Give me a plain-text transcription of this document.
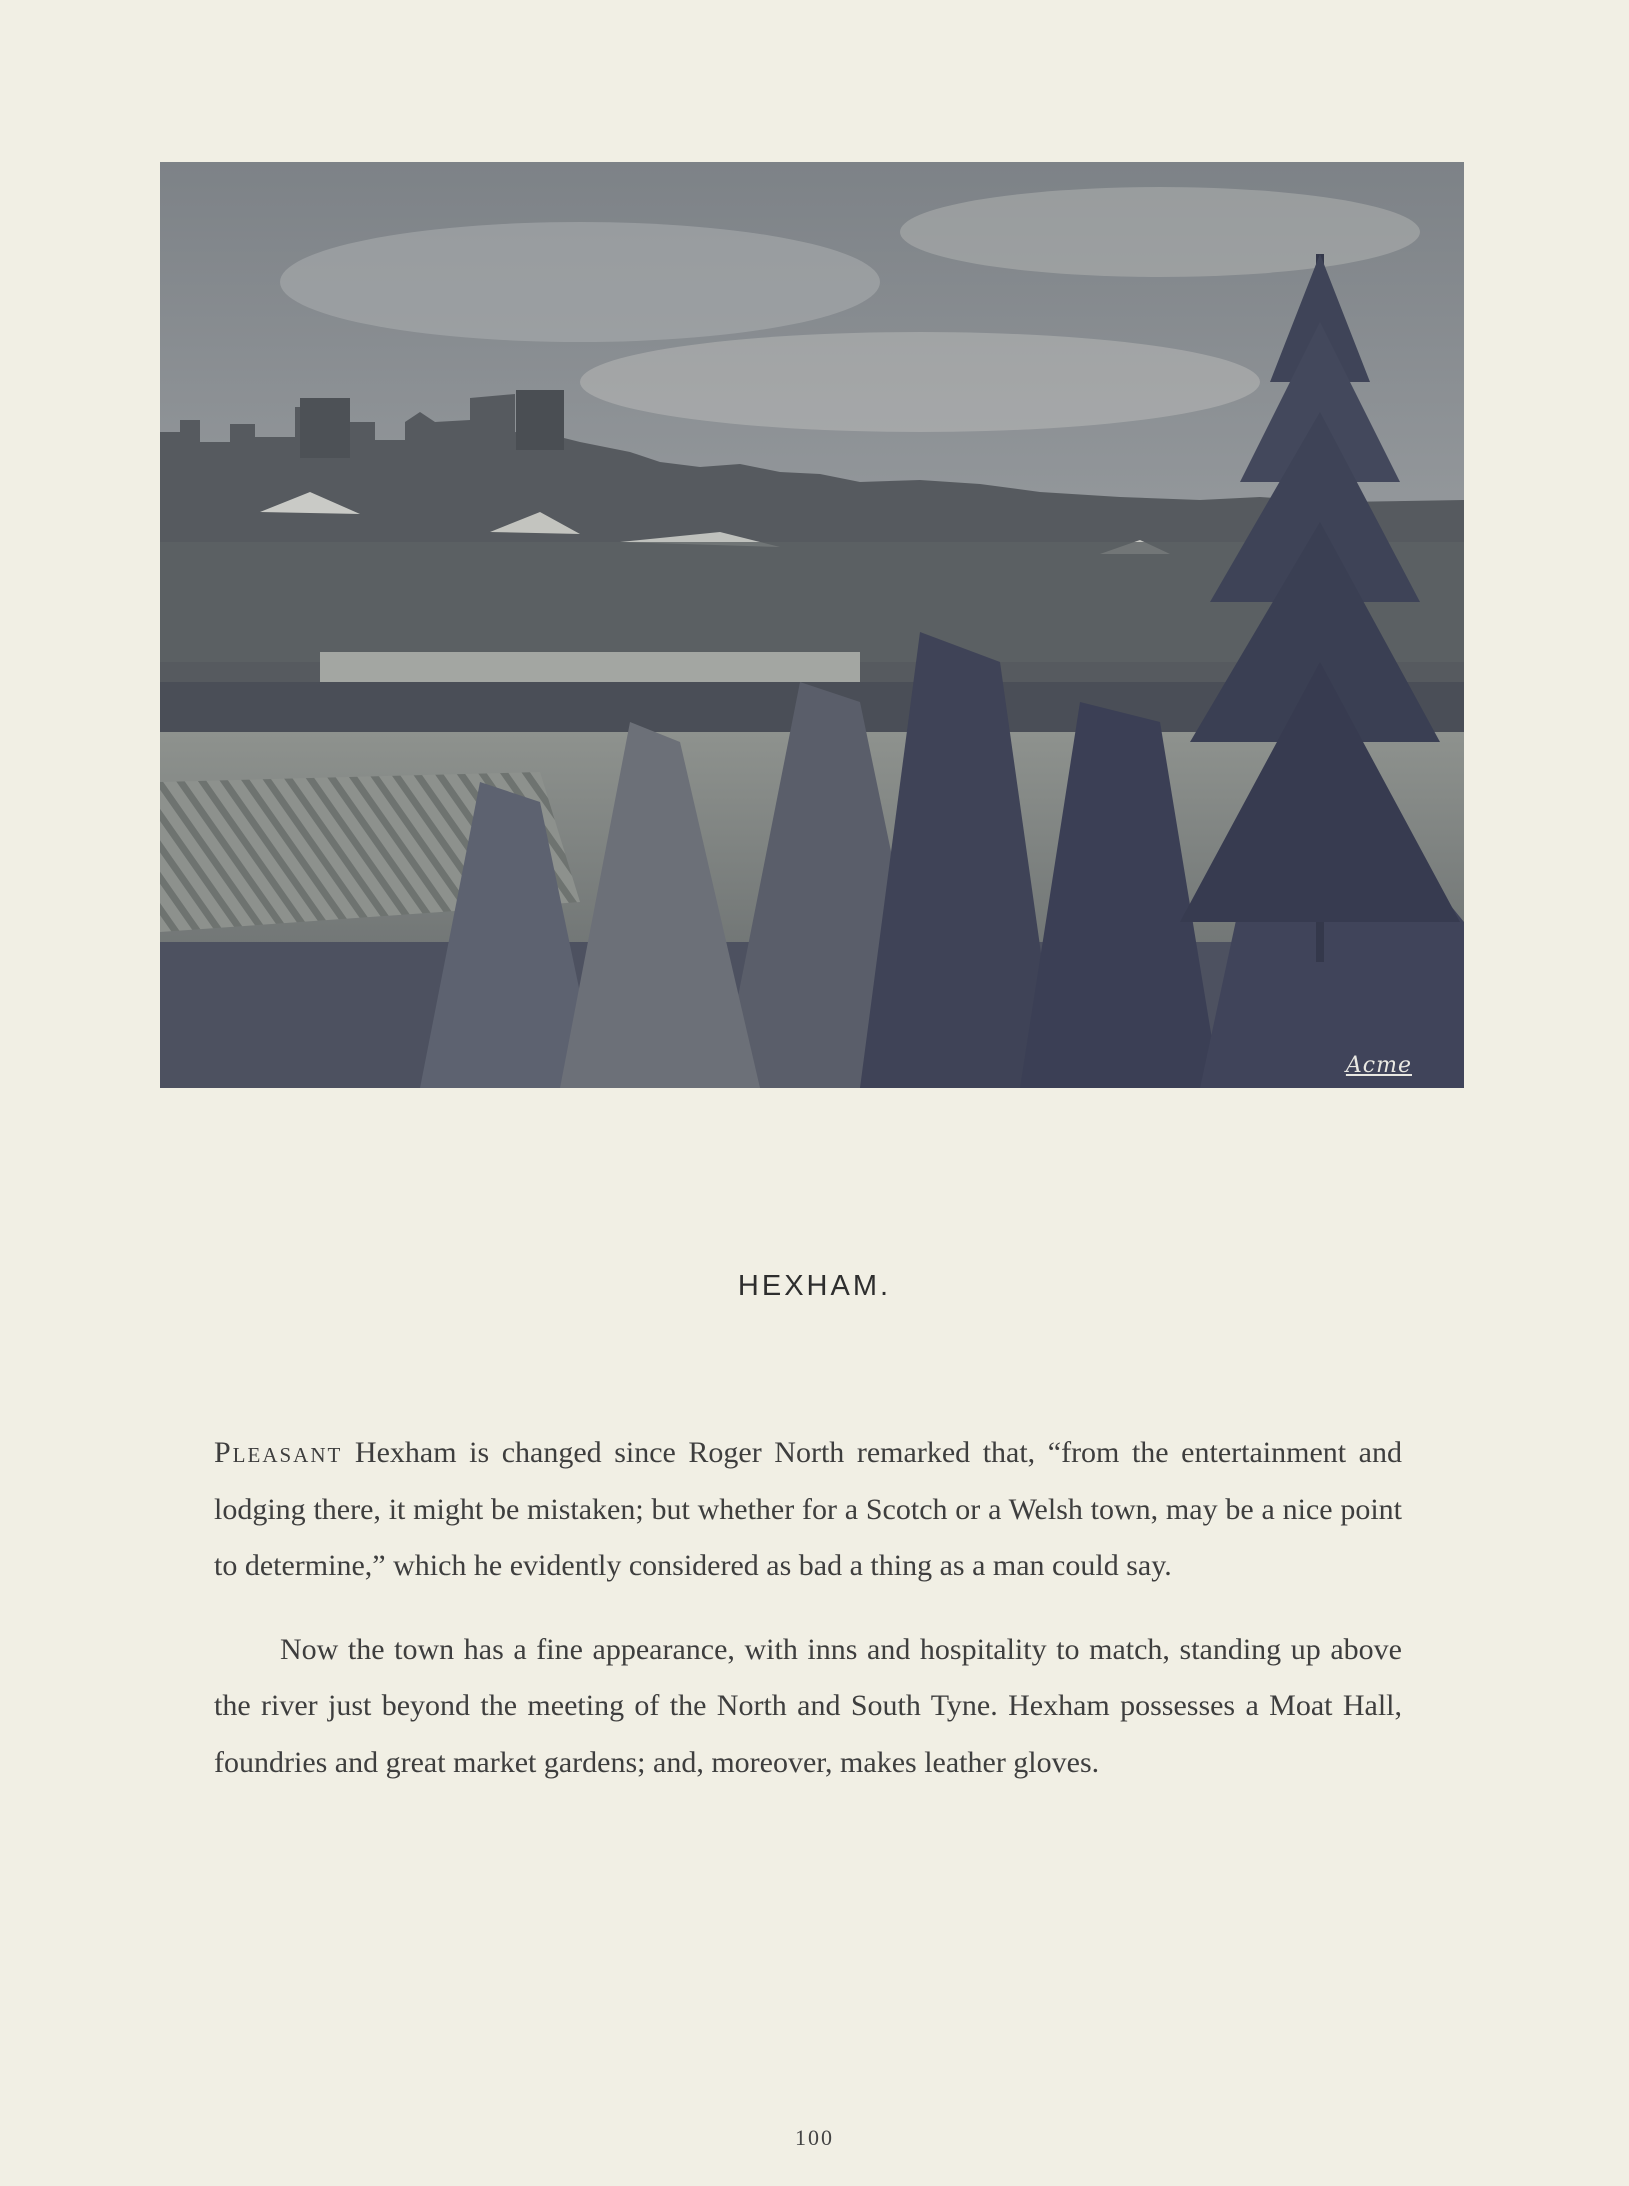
Acme
HEXHAM.

Pleasant Hexham is changed since Roger North remarked that, “from the entertainment and lodging there, it might be mistaken; but whether for a Scotch or a Welsh town, may be a nice point to determine,” which he evidently considered as bad a thing as a man could say.

Now the town has a fine appearance, with inns and hospitality to match, standing up above the river just beyond the meeting of the North and South Tyne. Hexham possesses a Moat Hall, foundries and great market gardens; and, moreover, makes leather gloves.

100
